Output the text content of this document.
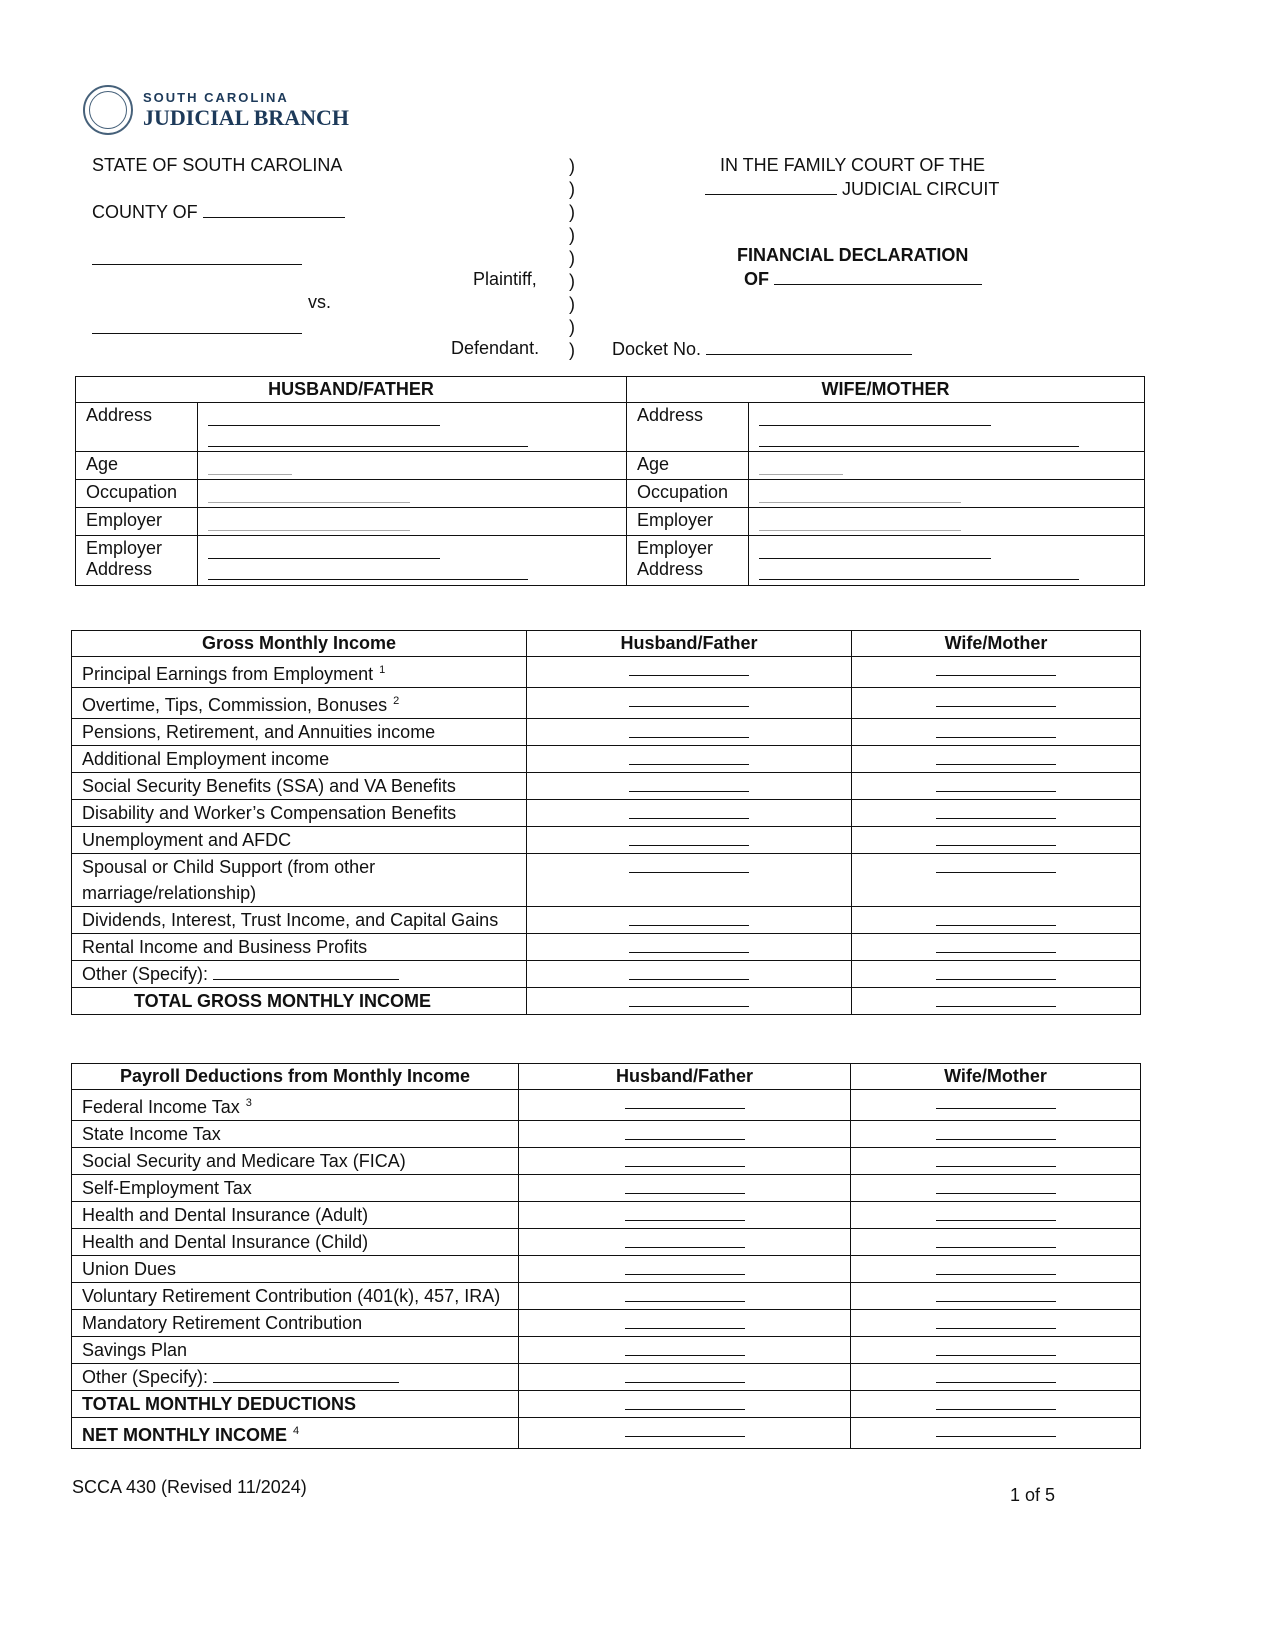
SOUTH CAROLINA
JUDICIAL BRANCH
STATE OF SOUTH CAROLINA
COUNTY OF
Plaintiff,
vs.
Defendant.
)
)
)
)
)
)
)
)
)
IN THE FAMILY COURT OF THE
JUDICIAL CIRCUIT
FINANCIAL DECLARATION
OF
Docket No.
HUSBAND/FATHER		WIFE/MOTHER	
Address		Address	

Age		Age	

Occupation		Occupation	

Employer		Employer	

Employer Address		Employer Address	
Gross Monthly Income	Husband/Father	Wife/Mother
Principal Earnings from Employment $^1$		
Overtime, Tips, Commission, Bonuses $^2$		
Pensions, Retirement, and Annuities income		
Additional Employment income		
Social Security Benefits (SSA) and VA Benefits		
Disability and Worker’s Compensation Benefits		
Unemployment and AFDC		
Spousal or Child Support (from other marriage/relationship)		
Dividends, Interest, Trust Income, and Capital Gains		
Rental Income and Business Profits		
Other (Specify):		
TOTAL GROSS MONTHLY INCOME		
Payroll Deductions from Monthly Income	Husband/Father	Wife/Mother
Federal Income Tax $^3$		
State Income Tax		
Social Security and Medicare Tax (FICA)		
Self-Employment Tax		
Health and Dental Insurance (Adult)		
Health and Dental Insurance (Child)		
Union Dues		
Voluntary Retirement Contribution (401(k), 457, IRA)		
Mandatory Retirement Contribution		
Savings Plan		
Other (Specify):		
TOTAL MONTHLY DEDUCTIONS		
NET MONTHLY INCOME $^4$		
SCCA 430 (Revised 11/2024)	1 of 5
